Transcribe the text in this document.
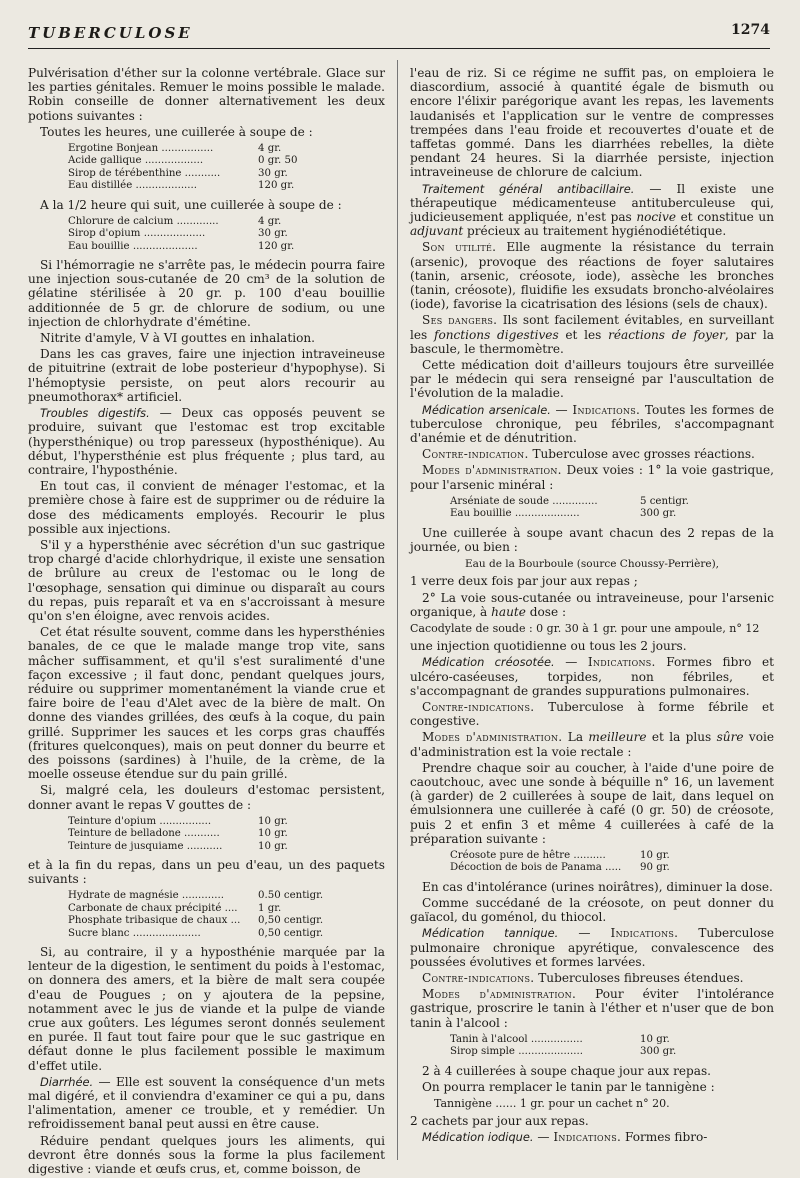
TUBERCULOSE	1274

Pulvérisation d'éther sur la colonne vertébrale. Glace sur les parties génitales. Remuer le moins possible le malade. Robin conseille de donner alternativement les deux potions suivantes :

Toutes les heures, une cuillerée à soupe de :

Ergotine Bonjean ................	4 gr.
Acide gallique ..................	0 gr. 50
Sirop de térébenthine ...........	30 gr.
Eau distillée ...................	120 gr.

A la 1/2 heure qui suit, une cuillerée à soupe de :

Chlorure de calcium .............	4 gr.
Sirop d'opium ...................	30 gr.
Eau bouillie ....................	120 gr.

Si l'hémorragie ne s'arrête pas, le médecin pourra faire une injection sous-cutanée de 20 cm³ de la solution de gélatine stérilisée à 20 gr. p. 100 d'eau bouillie additionnée de 5 gr. de chlorure de sodium, ou une injection de chlorhydrate d'émétine.

Nitrite d'amyle, V à VI gouttes en inhalation.

Dans les cas graves, faire une injection intraveineuse de pituitrine (extrait de lobe posterieur d'hypophyse). Si l'hémoptysie persiste, on peut alors recourir au pneumothorax* artificiel.

Troubles digestifs. — Deux cas opposés peuvent se produire, suivant que l'estomac est trop excitable (hypersthénique) ou trop paresseux (hyposthénique). Au début, l'hypersthénie est plus fréquente ; plus tard, au contraire, l'hyposthénie.

En tout cas, il convient de ménager l'estomac, et la première chose à faire est de supprimer ou de réduire la dose des médicaments employés. Recourir le plus possible aux injections.

S'il y a hypersthénie avec sécrétion d'un suc gastrique trop chargé d'acide chlorhydrique, il existe une sensation de brûlure au creux de l'estomac ou le long de l'œsophage, sensation qui diminue ou disparaît au cours du repas, puis reparaît et va en s'accroissant à mesure qu'on s'en éloigne, avec renvois acides.

Cet état résulte souvent, comme dans les hypersthénies banales, de ce que le malade mange trop vite, sans mâcher suffisamment, et qu'il s'est suralimenté d'une façon excessive ; il faut donc, pendant quelques jours, réduire ou supprimer momentanément la viande crue et faire boire de l'eau d'Alet avec de la bière de malt. On donne des viandes grillées, des œufs à la coque, du pain grillé. Supprimer les sauces et les corps gras chauffés (fritures quelconques), mais on peut donner du beurre et des poissons (sardines) à l'huile, de la crème, de la moelle osseuse étendue sur du pain grillé.

Si, malgré cela, les douleurs d'estomac persistent, donner avant le repas V gouttes de :

Teinture d'opium ................	10 gr.
Teinture de belladone ...........	10 gr.
Teinture de jusquiame ...........	10 gr.

et à la fin du repas, dans un peu d'eau, un des paquets suivants :

Hydrate de magnésie .............	0.50 centigr.
Carbonate de chaux précipité ....	1 gr.
Phosphate tribasique de chaux ...	0,50 centigr.
Sucre blanc .....................	0,50 centigr.

Si, au contraire, il y a hyposthénie marquée par la lenteur de la digestion, le sentiment du poids à l'estomac, on donnera des amers, et la bière de malt sera coupée d'eau de Pougues ; on y ajoutera de la pepsine, notamment avec le jus de viande et la pulpe de viande crue aux goûters. Les légumes seront donnés seulement en purée. Il faut tout faire pour que le suc gastrique en défaut donne le plus facilement possible le maximum d'effet utile.

Diarrhée. — Elle est souvent la conséquence d'un mets mal digéré, et il conviendra d'examiner ce qui a pu, dans l'alimentation, amener ce trouble, et y remédier. Un refroidissement banal peut aussi en être cause.

Réduire pendant quelques jours les aliments, qui devront être donnés sous la forme la plus facilement digestive : viande et œufs crus, et, comme boisson, de

l'eau de riz. Si ce régime ne suffit pas, on emploiera le diascordium, associé à quantité égale de bismuth ou encore l'élixir parégorique avant les repas, les lavements laudanisés et l'application sur le ventre de compresses trempées dans l'eau froide et recouvertes d'ouate et de taffetas gommé. Dans les diarrhées rebelles, la diète pendant 24 heures. Si la diarrhée persiste, injection intraveineuse de chlorure de calcium.

Traitement général antibacillaire. — Il existe une thérapeutique médicamenteuse antituberculeuse qui, judicieusement appliquée, n'est pas nocive et constitue un adjuvant précieux au traitement hygiénodiététique.

Son utilité. Elle augmente la résistance du terrain (arsenic), provoque des réactions de foyer salutaires (tanin, arsenic, créosote, iode), assèche les bronches (tanin, créosote), fluidifie les exsudats broncho-alvéolaires (iode), favorise la cicatrisation des lésions (sels de chaux).

Ses dangers. Ils sont facilement évitables, en surveillant les fonctions digestives et les réactions de foyer, par la bascule, le thermomètre.

Cette médication doit d'ailleurs toujours être surveillée par le médecin qui sera renseigné par l'auscultation de l'évolution de la maladie.

Médication arsenicale. — Indications. Toutes les formes de tuberculose chronique, peu fébriles, s'accompagnant d'anémie et de dénutrition.

Contre-indication. Tuberculose avec grosses réactions.

Modes d'administration. Deux voies : 1° la voie gastrique, pour l'arsenic minéral :

Arséniate de soude ..............	5 centigr.
Eau bouillie ....................	300 gr.

Une cuillerée à soupe avant chacun des 2 repas de la journée, ou bien :

Eau de la Bourboule (source Choussy-Perrière),

1 verre deux fois par jour aux repas ;

2° La voie sous-cutanée ou intraveineuse, pour l'arsenic organique, à haute dose :

Cacodylate de soude : 0 gr. 30 à 1 gr. pour une ampoule, n° 12

une injection quotidienne ou tous les 2 jours.

Médication créosotée. — Indications. Formes fibro et ulcéro-caséeuses, torpides, non fébriles, et s'accompagnant de grandes suppurations pulmonaires.

Contre-indications. Tuberculose à forme fébrile et congestive.

Modes d'administration. La meilleure et la plus sûre voie d'administration est la voie rectale :

Prendre chaque soir au coucher, à l'aide d'une poire de caoutchouc, avec une sonde à béquille n° 16, un lavement (à garder) de 2 cuillerées à soupe de lait, dans lequel on émulsionnera une cuillerée à café (0 gr. 50) de créosote, puis 2 et enfin 3 et même 4 cuillerées à café de la préparation suivante :

Créosote pure de hêtre ..........	10 gr.
Décoction de bois de Panama .....	90 gr.

En cas d'intolérance (urines noirâtres), diminuer la dose.

Comme succédané de la créosote, on peut donner du gaïacol, du goménol, du thiocol.

Médication tannique. — Indications. Tuberculose pulmonaire chronique apyrétique, convalescence des poussées évolutives et formes larvées.

Contre-indications. Tuberculoses fibreuses étendues.

Modes d'administration. Pour éviter l'intolérance gastrique, proscrire le tanin à l'éther et n'user que de bon tanin à l'alcool :

Tanin à l'alcool ................	10 gr.
Sirop simple ....................	300 gr.

2 à 4 cuillerées à soupe chaque jour aux repas.

On pourra remplacer le tanin par le tannigène :

Tannigène ...... 1 gr. pour un cachet n° 20.

2 cachets par jour aux repas.

Médication iodique. — Indications. Formes fibro-
